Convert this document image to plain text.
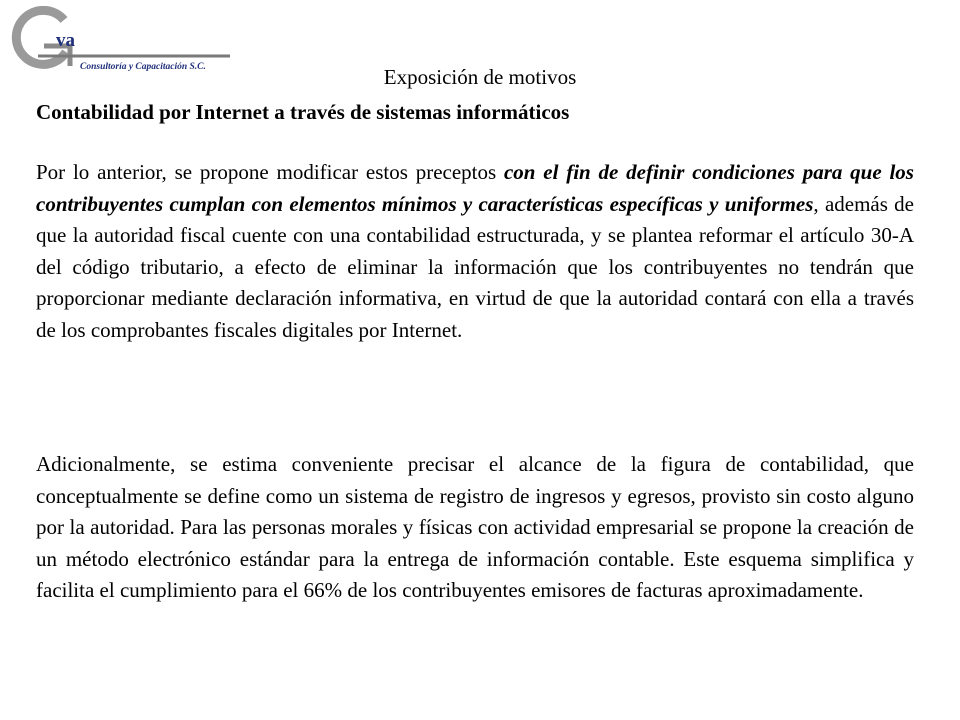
va
Consultoría y Capacitación S.C.	Exposición de motivos
Contabilidad por Internet a través de sistemas informáticos

Por lo anterior, se propone modificar estos preceptos con el fin de definir condiciones para que los contribuyentes cumplan con elementos mínimos y características específicas y uniformes, además de que la autoridad fiscal cuente con una contabilidad estructurada, y se plantea reformar el artículo 30-A del código tributario, a efecto de eliminar la información que los contribuyentes no tendrán que proporcionar mediante declaración informativa, en virtud de que la autoridad contará con ella a través de los comprobantes fiscales digitales por Internet.

Adicionalmente, se estima conveniente precisar el alcance de la figura de contabilidad, que conceptualmente se define como un sistema de registro de ingresos y egresos, provisto sin costo alguno por la autoridad. Para las personas morales y físicas con actividad empresarial se propone la creación de un método electrónico estándar para la entrega de información contable. Este esquema simplifica y facilita el cumplimiento para el 66% de los contribuyentes emisores de facturas aproximadamente.
